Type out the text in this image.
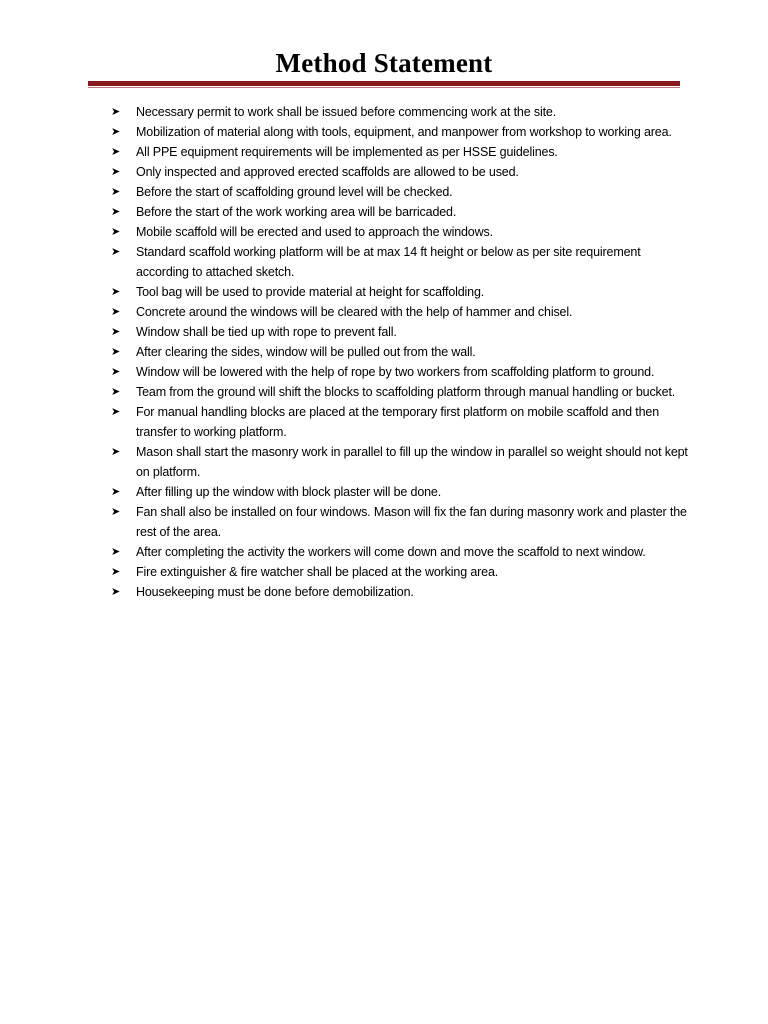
Method Statement
➤	Necessary permit to work shall be issued before commencing work at the site.
➤	Mobilization of material along with tools, equipment, and manpower from workshop to working area.
➤	All PPE equipment requirements will be implemented as per HSSE guidelines.
➤	Only inspected and approved erected scaffolds are allowed to be used.
➤	Before the start of scaffolding ground level will be checked.
➤	Before the start of the work working area will be barricaded.
➤	Mobile scaffold will be erected and used to approach the windows.
➤	Standard scaffold working platform will be at max 14 ft height or below as per site requirement according to attached sketch.
➤	Tool bag will be used to provide material at height for scaffolding.
➤	Concrete around the windows will be cleared with the help of hammer and chisel.
➤	Window shall be tied up with rope to prevent fall.
➤	After clearing the sides, window will be pulled out from the wall.
➤	Window will be lowered with the help of rope by two workers from scaffolding platform to ground.
➤	Team from the ground will shift the blocks to scaffolding platform through manual handling or bucket.
➤	For manual handling blocks are placed at the temporary first platform on mobile scaffold and then transfer to working platform.
➤	Mason shall start the masonry work in parallel to fill up the window in parallel so weight should not kept on platform.
➤	After filling up the window with block plaster will be done.
➤	Fan shall also be installed on four windows. Mason will fix the fan during masonry work and plaster the rest of the area.
➤	After completing the activity the workers will come down and move the scaffold to next window.
➤	Fire extinguisher & fire watcher shall be placed at the working area.
➤	Housekeeping must be done before demobilization.
